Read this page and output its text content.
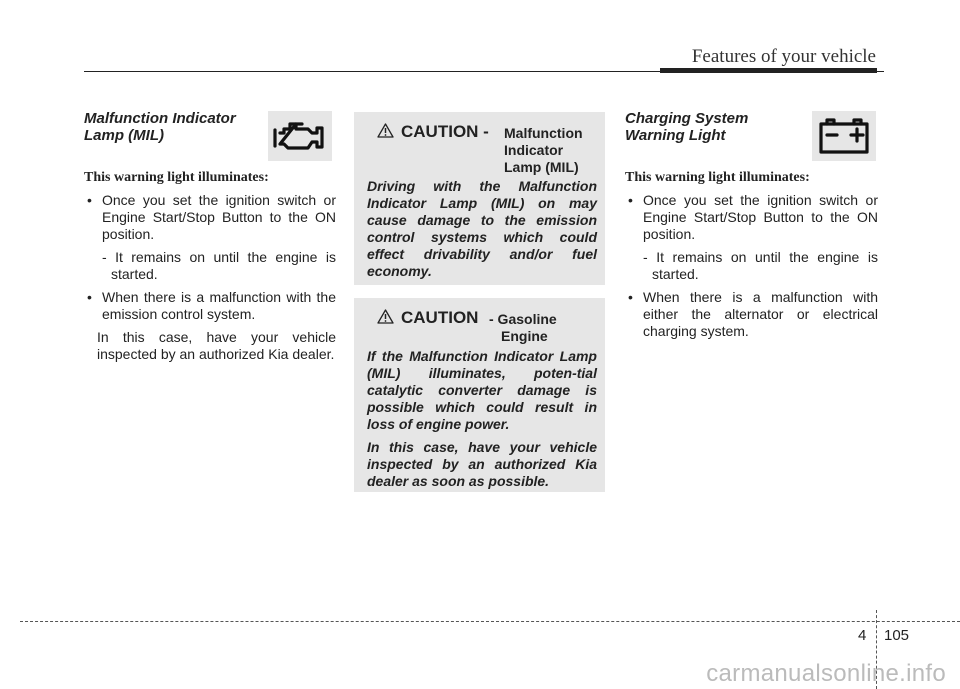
Features of your vehicle
Malfunction Indicator
Lamp (MIL)
This warning light illuminates:
• Once you set the ignition switch or Engine Start/Stop Button to the ON position.
- It remains on until the engine is started.
• When there is a malfunction with the emission control system.
In this case, have your vehicle inspected by an authorized Kia dealer.
CAUTION - Malfunction
Indicator
Lamp (MIL)

Driving with the Malfunction Indicator Lamp (MIL) on may cause damage to the emission control systems which could effect drivability and/or fuel economy.

CAUTION - Gasoline
Engine

If the Malfunction Indicator Lamp (MIL) illuminates, poten-tial catalytic converter damage is possible which could result in loss of engine power.

In this case, have your vehicle inspected by an authorized Kia dealer as soon as possible.

Charging System
Warning Light
This warning light illuminates:
• Once you set the ignition switch or Engine Start/Stop Button to the ON position.
- It remains on until the engine is started.
• When there is a malfunction with either the alternator or electrical charging system.
4 105
carmanualsonline.info
